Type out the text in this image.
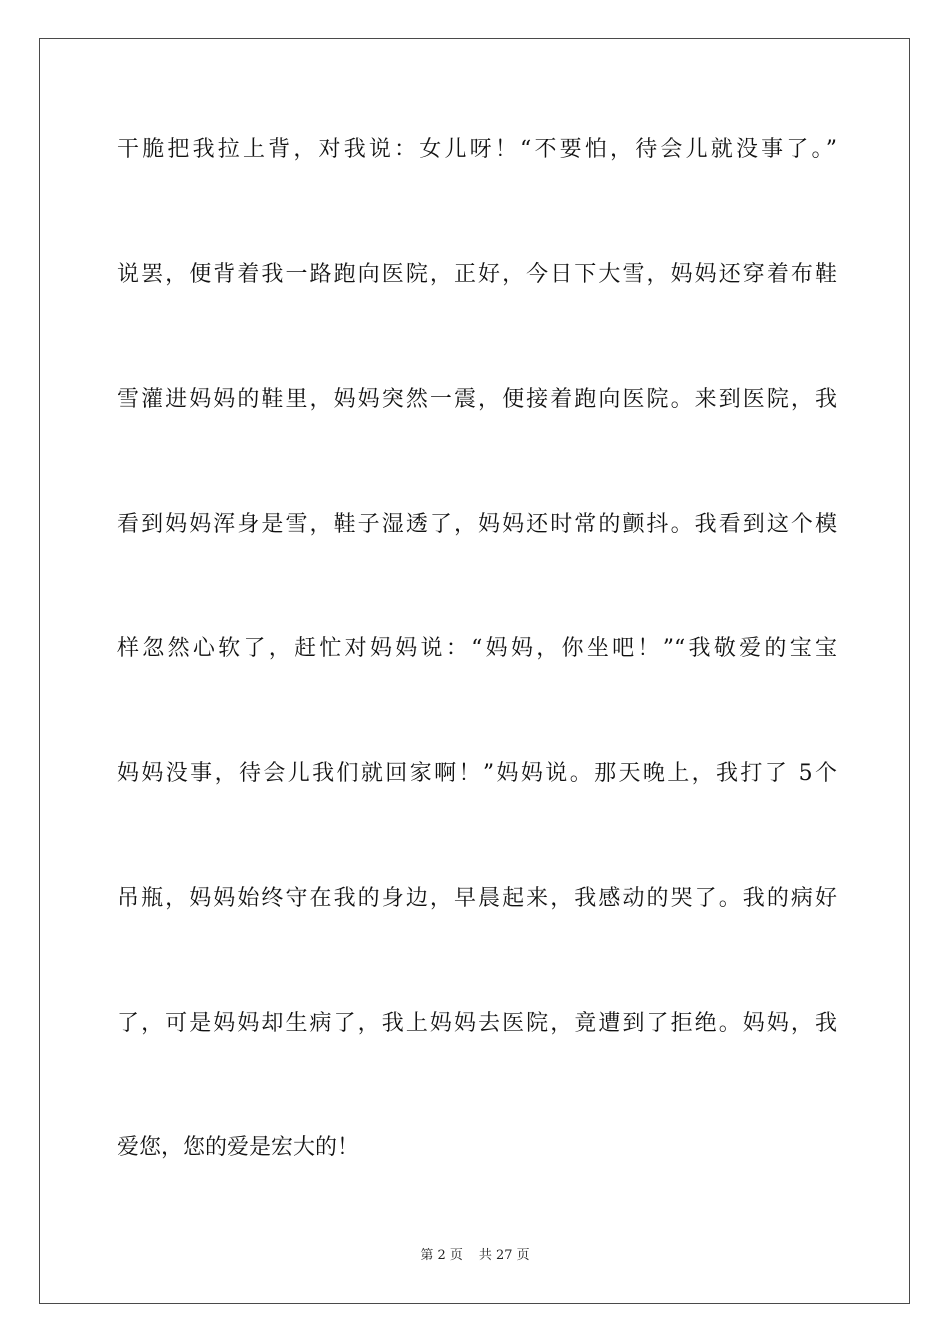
干脆把我拉上背，对我说：女儿呀！“不要怕，待会儿就没事了。”
说罢，便背着我一路跑向医院，正好，今日下大雪，妈妈还穿着布鞋
雪灌进妈妈的鞋里，妈妈突然一震，便接着跑向医院。来到医院，我
看到妈妈浑身是雪，鞋子湿透了，妈妈还时常的颤抖。我看到这个模
样忽然心软了，赶忙对妈妈说：“妈妈，你坐吧！”“我敬爱的宝宝
妈妈没事，待会儿我们就回家啊！”妈妈说。那天晚上，我打了 5个
吊瓶，妈妈始终守在我的身边，早晨起来，我感动的哭了。我的病好
了，可是妈妈却生病了，我上妈妈去医院，竟遭到了拒绝。妈妈，我
爱您，您的爱是宏大的！
第 2 页 共 27 页
